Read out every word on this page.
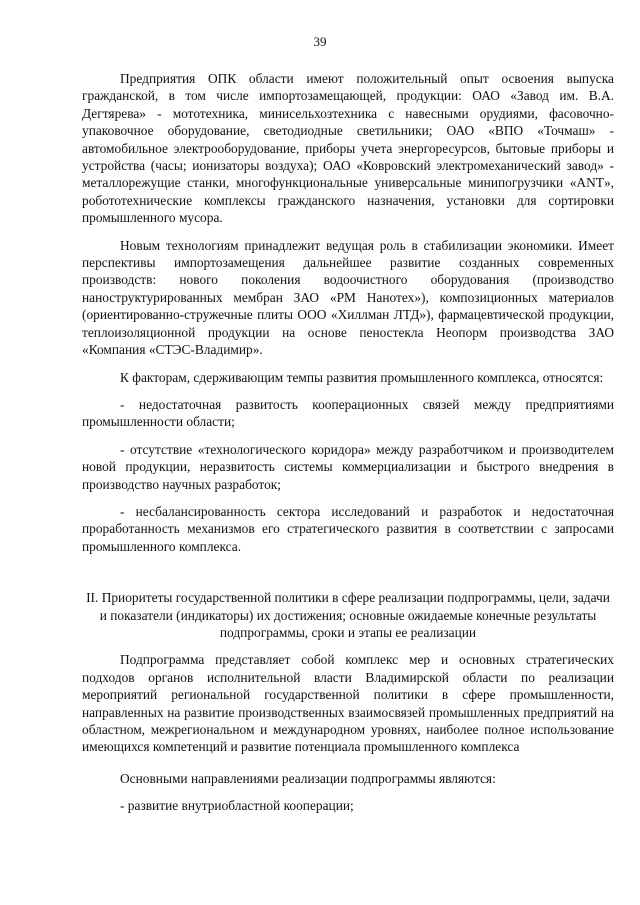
39

Предприятия ОПК области имеют положительный опыт освоения выпуска гражданской, в том числе импортозамещающей, продукции: ОАО «Завод им. В.А. Дегтярева» - мототехника, минисельхозтехника с навесными орудиями, фасовочно-упаковочное оборудование, светодиодные светильники; ОАО «ВПО «Точмаш» - автомобильное электрооборудование, приборы учета энергоресурсов, бытовые приборы и устройства (часы; ионизаторы воздуха); ОАО «Ковровский электромеханический завод» - металлорежущие станки, многофункциональные универсальные минипогрузчики «ANT», робототехнические комплексы гражданского назначения, установки для сортировки промышленного мусора.

Новым технологиям принадлежит ведущая роль в стабилизации экономики. Имеет перспективы импортозамещения дальнейшее развитие созданных современных производств: нового поколения водоочистного оборудования (производство наноструктурированных мембран ЗАО «РМ Нанотех»), композиционных материалов (ориентированно-стружечные плиты ООО «Хиллман ЛТД»), фармацевтической продукции, теплоизоляционной продукции на основе пеностекла Неопорм производства ЗАО «Компания «СТЭС-Владимир».

К факторам, сдерживающим темпы развития промышленного комплекса, относятся:

- недостаточная развитость кооперационных связей между предприятиями промышленности области;

- отсутствие «технологического коридора» между разработчиком и производителем новой продукции, неразвитость системы коммерциализации и быстрого внедрения в производство научных разработок;

- несбалансированность сектора исследований и разработок и недостаточная проработанность механизмов его стратегического развития в соответствии с запросами промышленного комплекса.

II. Приоритеты государственной политики в сфере реализации подпрограммы, цели, задачи и показатели (индикаторы) их достижения; основные ожидаемые конечные результаты подпрограммы, сроки и этапы ее реализации

Подпрограмма представляет собой комплекс мер и основных стратегических подходов органов исполнительной власти Владимирской области по реализации мероприятий региональной государственной политики в сфере промышленности, направленных на развитие производственных взаимосвязей промышленных предприятий на областном, межрегиональном и международном уровнях, наиболее полное использование имеющихся компетенций и развитие потенциала промышленного комплекса

Основными направлениями реализации подпрограммы являются:

- развитие внутриобластной кооперации;
